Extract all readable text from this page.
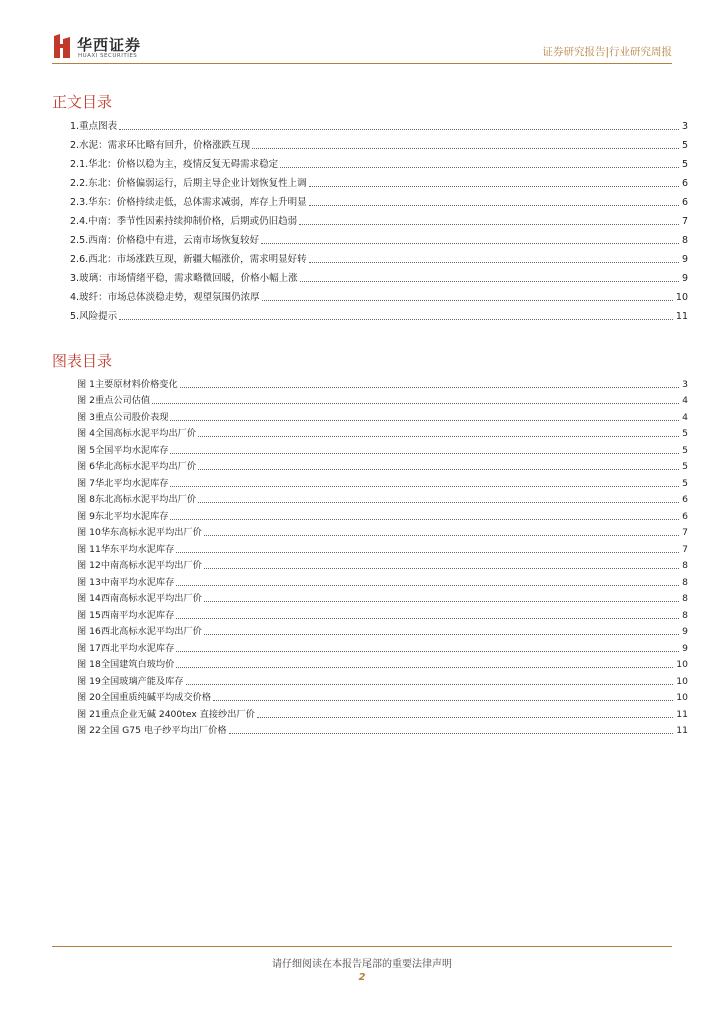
华西证券
HUAXI SECURITIES	证券研究报告|行业研究周报
正文目录
1. 重点图表	3
2. 水泥：需求环比略有回升，价格涨跌互现	5
2.1. 华北：价格以稳为主，疫情反复无碍需求稳定	5
2.2. 东北：价格偏弱运行，后期主导企业计划恢复性上调	6
2.3. 华东：价格持续走低，总体需求减弱，库存上升明显	6
2.4. 中南：季节性因素持续抑制价格，后期或仍旧趋弱	7
2.5. 西南：价格稳中有进，云南市场恢复较好	8
2.6. 西北：市场涨跌互现，新疆大幅涨价，需求明显好转	9
3. 玻璃：市场情绪平稳，需求略微回暖，价格小幅上涨	9
4. 玻纤：市场总体淡稳走势，观望氛围仍浓厚	10
5. 风险提示	11
图表目录
图 1 主要原材料价格变化	3
图 2 重点公司估值	4
图 3 重点公司股价表现	4
图 4 全国高标水泥平均出厂价	5
图 5 全国平均水泥库存	5
图 6 华北高标水泥平均出厂价	5
图 7 华北平均水泥库存	5
图 8 东北高标水泥平均出厂价	6
图 9 东北平均水泥库存	6
图 10 华东高标水泥平均出厂价	7
图 11 华东平均水泥库存	7
图 12 中南高标水泥平均出厂价	8
图 13 中南平均水泥库存	8
图 14 西南高标水泥平均出厂价	8
图 15 西南平均水泥库存	8
图 16 西北高标水泥平均出厂价	9
图 17 西北平均水泥库存	9
图 18 全国建筑白玻均价	10
图 19 全国玻璃产能及库存	10
图 20 全国重质纯碱平均成交价格	10
图 21 重点企业无碱 2400tex 直接纱出厂价	11
图 22 全国 G75 电子纱平均出厂价格	11
请仔细阅读在本报告尾部的重要法律声明
2
